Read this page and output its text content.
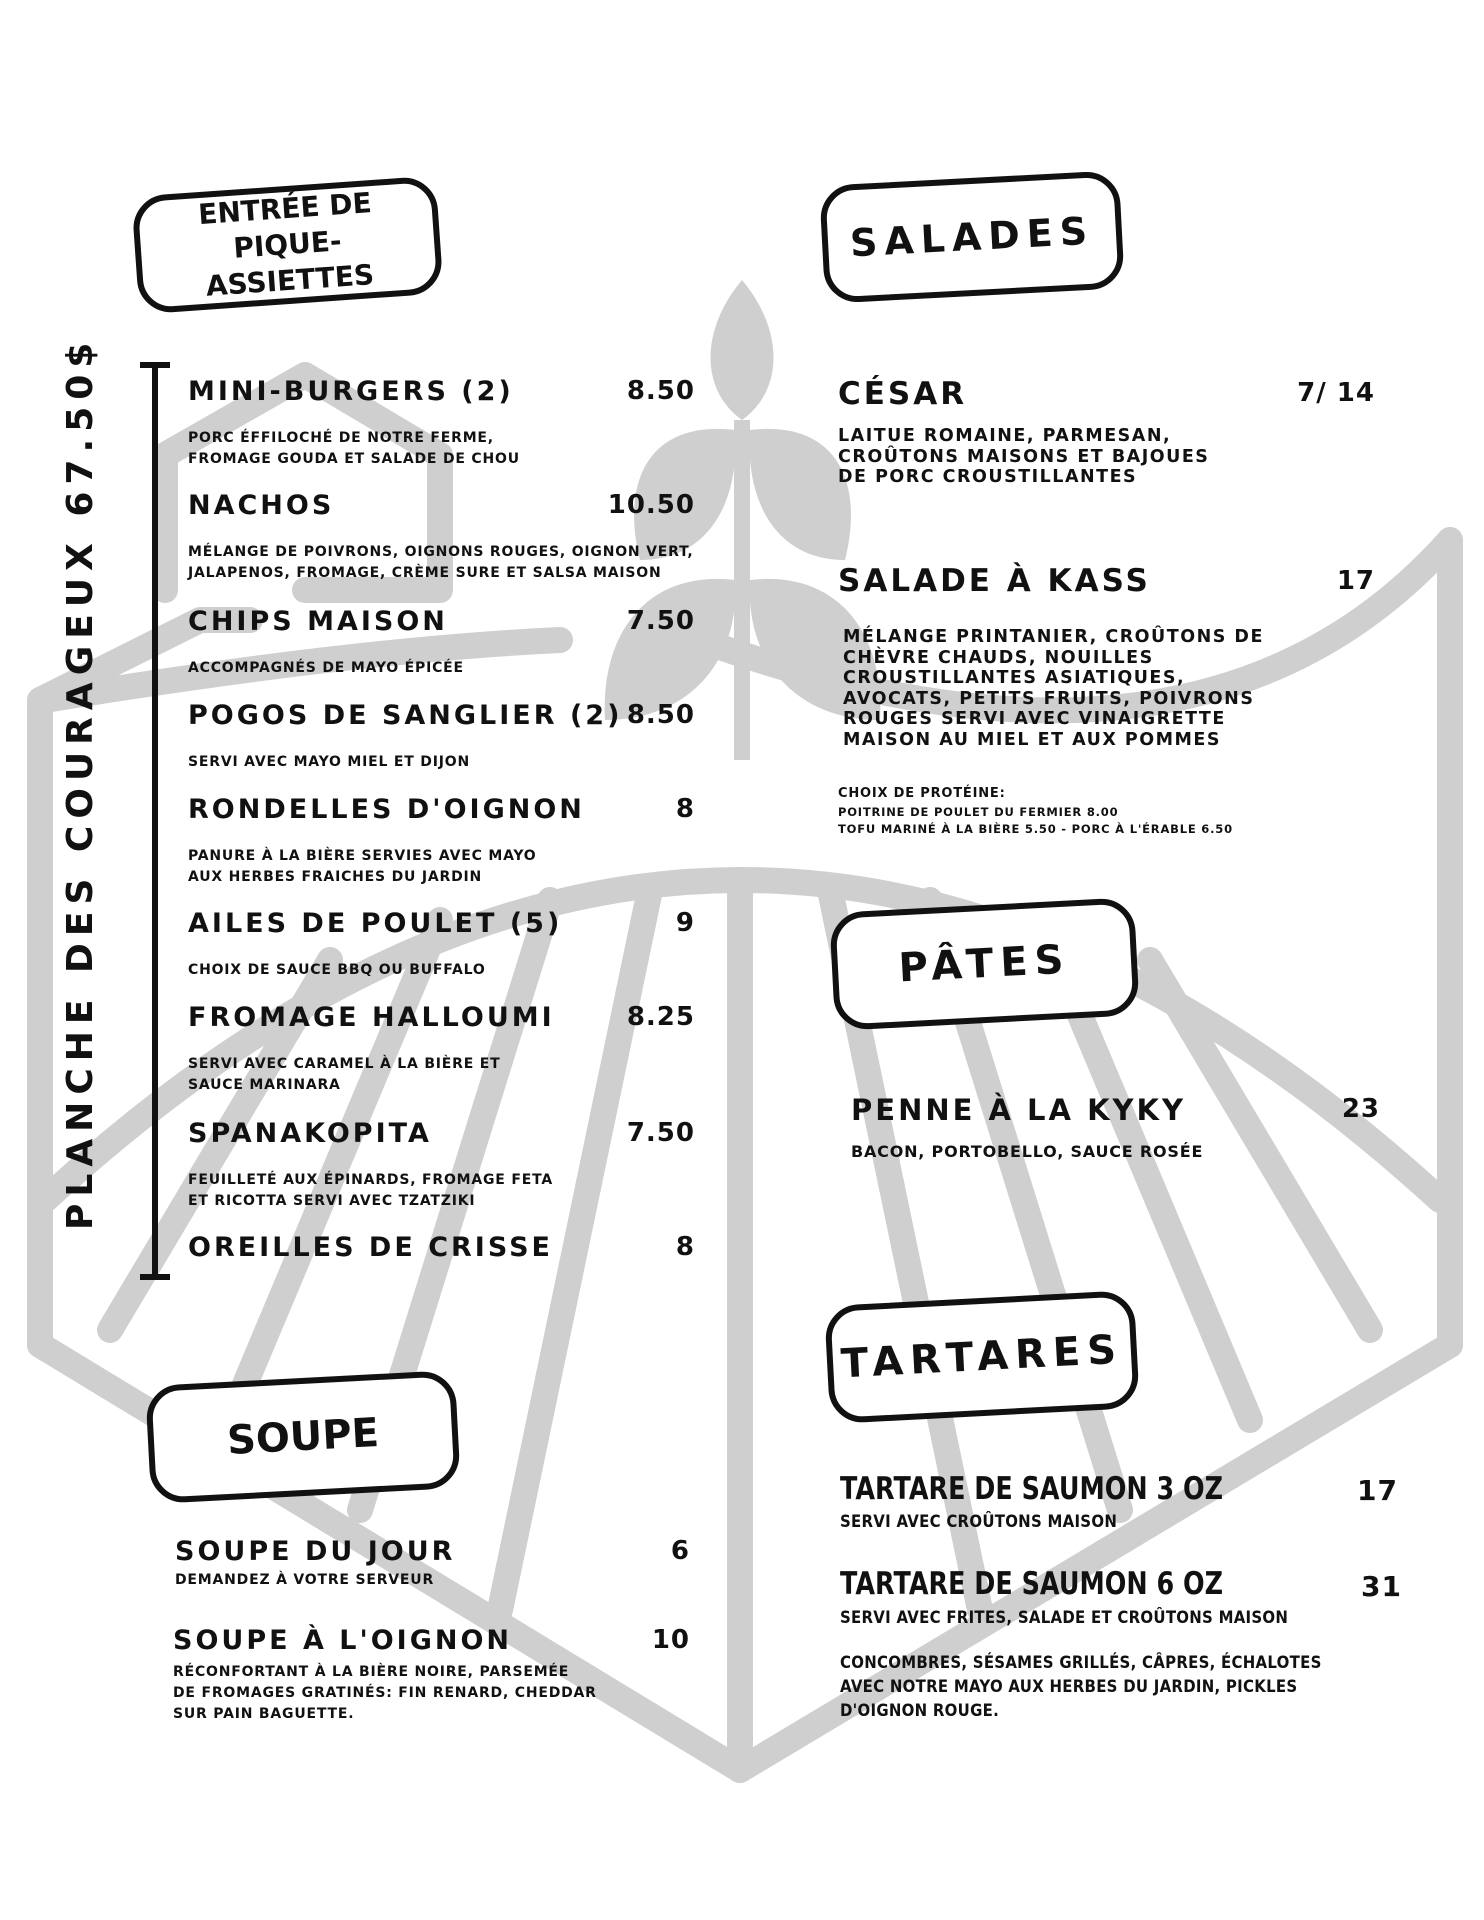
ENTRÉE DE PIQUE-ASSIETTES
SALADES
PÂTES
TARTARES
SOUPE
PLANCHE DES COURAGEUX 67.50$	MINI-BURGERS (2)	8.50
PORC ÉFFILOCHÉ DE NOTRE FERME,
FROMAGE GOUDA ET SALADE DE CHOU
NACHOS	10.50
MÉLANGE DE POIVRONS, OIGNONS ROUGES, OIGNON VERT,
JALAPENOS, FROMAGE, CRÈME SURE ET SALSA MAISON
CHIPS MAISON	7.50
ACCOMPAGNÉS DE MAYO ÉPICÉE
POGOS DE SANGLIER (2) 8.50
SERVI AVEC MAYO MIEL ET DIJON
RONDELLES D'OIGNON	8
PANURE À LA BIÈRE SERVIES AVEC MAYO
AUX HERBES FRAICHES DU JARDIN
AILES DE POULET (5)	9
CHOIX DE SAUCE BBQ OU BUFFALO
FROMAGE HALLOUMI	8.25
SERVI AVEC CARAMEL À LA BIÈRE ET
SAUCE MARINARA
SPANAKOPITA	7.50
FEUILLETÉ AUX ÉPINARDS, FROMAGE FETA
ET RICOTTA SERVI AVEC TZATZIKI
OREILLES DE CRISSE	8
SOUPE DU JOUR	6
DEMANDEZ À VOTRE SERVEUR
SOUPE À L'OIGNON	10
RÉCONFORTANT À LA BIÈRE NOIRE, PARSEMÉE
DE FROMAGES GRATINÉS: FIN RENARD, CHEDDAR
SUR PAIN BAGUETTE.
CÉSAR	7/ 14
LAITUE ROMAINE, PARMESAN,
CROÛTONS MAISONS ET BAJOUES
DE PORC CROUSTILLANTES
SALADE À KASS	17
MÉLANGE PRINTANIER, CROÛTONS DE
CHÈVRE CHAUDS, NOUILLES
CROUSTILLANTES ASIATIQUES,
AVOCATS, PETITS FRUITS, POIVRONS
ROUGES SERVI AVEC VINAIGRETTE
MAISON AU MIEL ET AUX POMMES
CHOIX DE PROTÉINE:
POITRINE DE POULET DU FERMIER 8.00
TOFU MARINÉ À LA BIÈRE 5.50 - PORC À L'ÉRABLE 6.50
PENNE À LA KYKY	23
BACON, PORTOBELLO, SAUCE ROSÉE
TARTARE DE SAUMON 3 OZ	17
SERVI AVEC CROÛTONS MAISON
TARTARE DE SAUMON 6 OZ	31
SERVI AVEC FRITES, SALADE ET CROÛTONS MAISON
CONCOMBRES, SÉSAMES GRILLÉS, CÂPRES, ÉCHALOTES
AVEC NOTRE MAYO AUX HERBES DU JARDIN, PICKLES
D'OIGNON ROUGE.
